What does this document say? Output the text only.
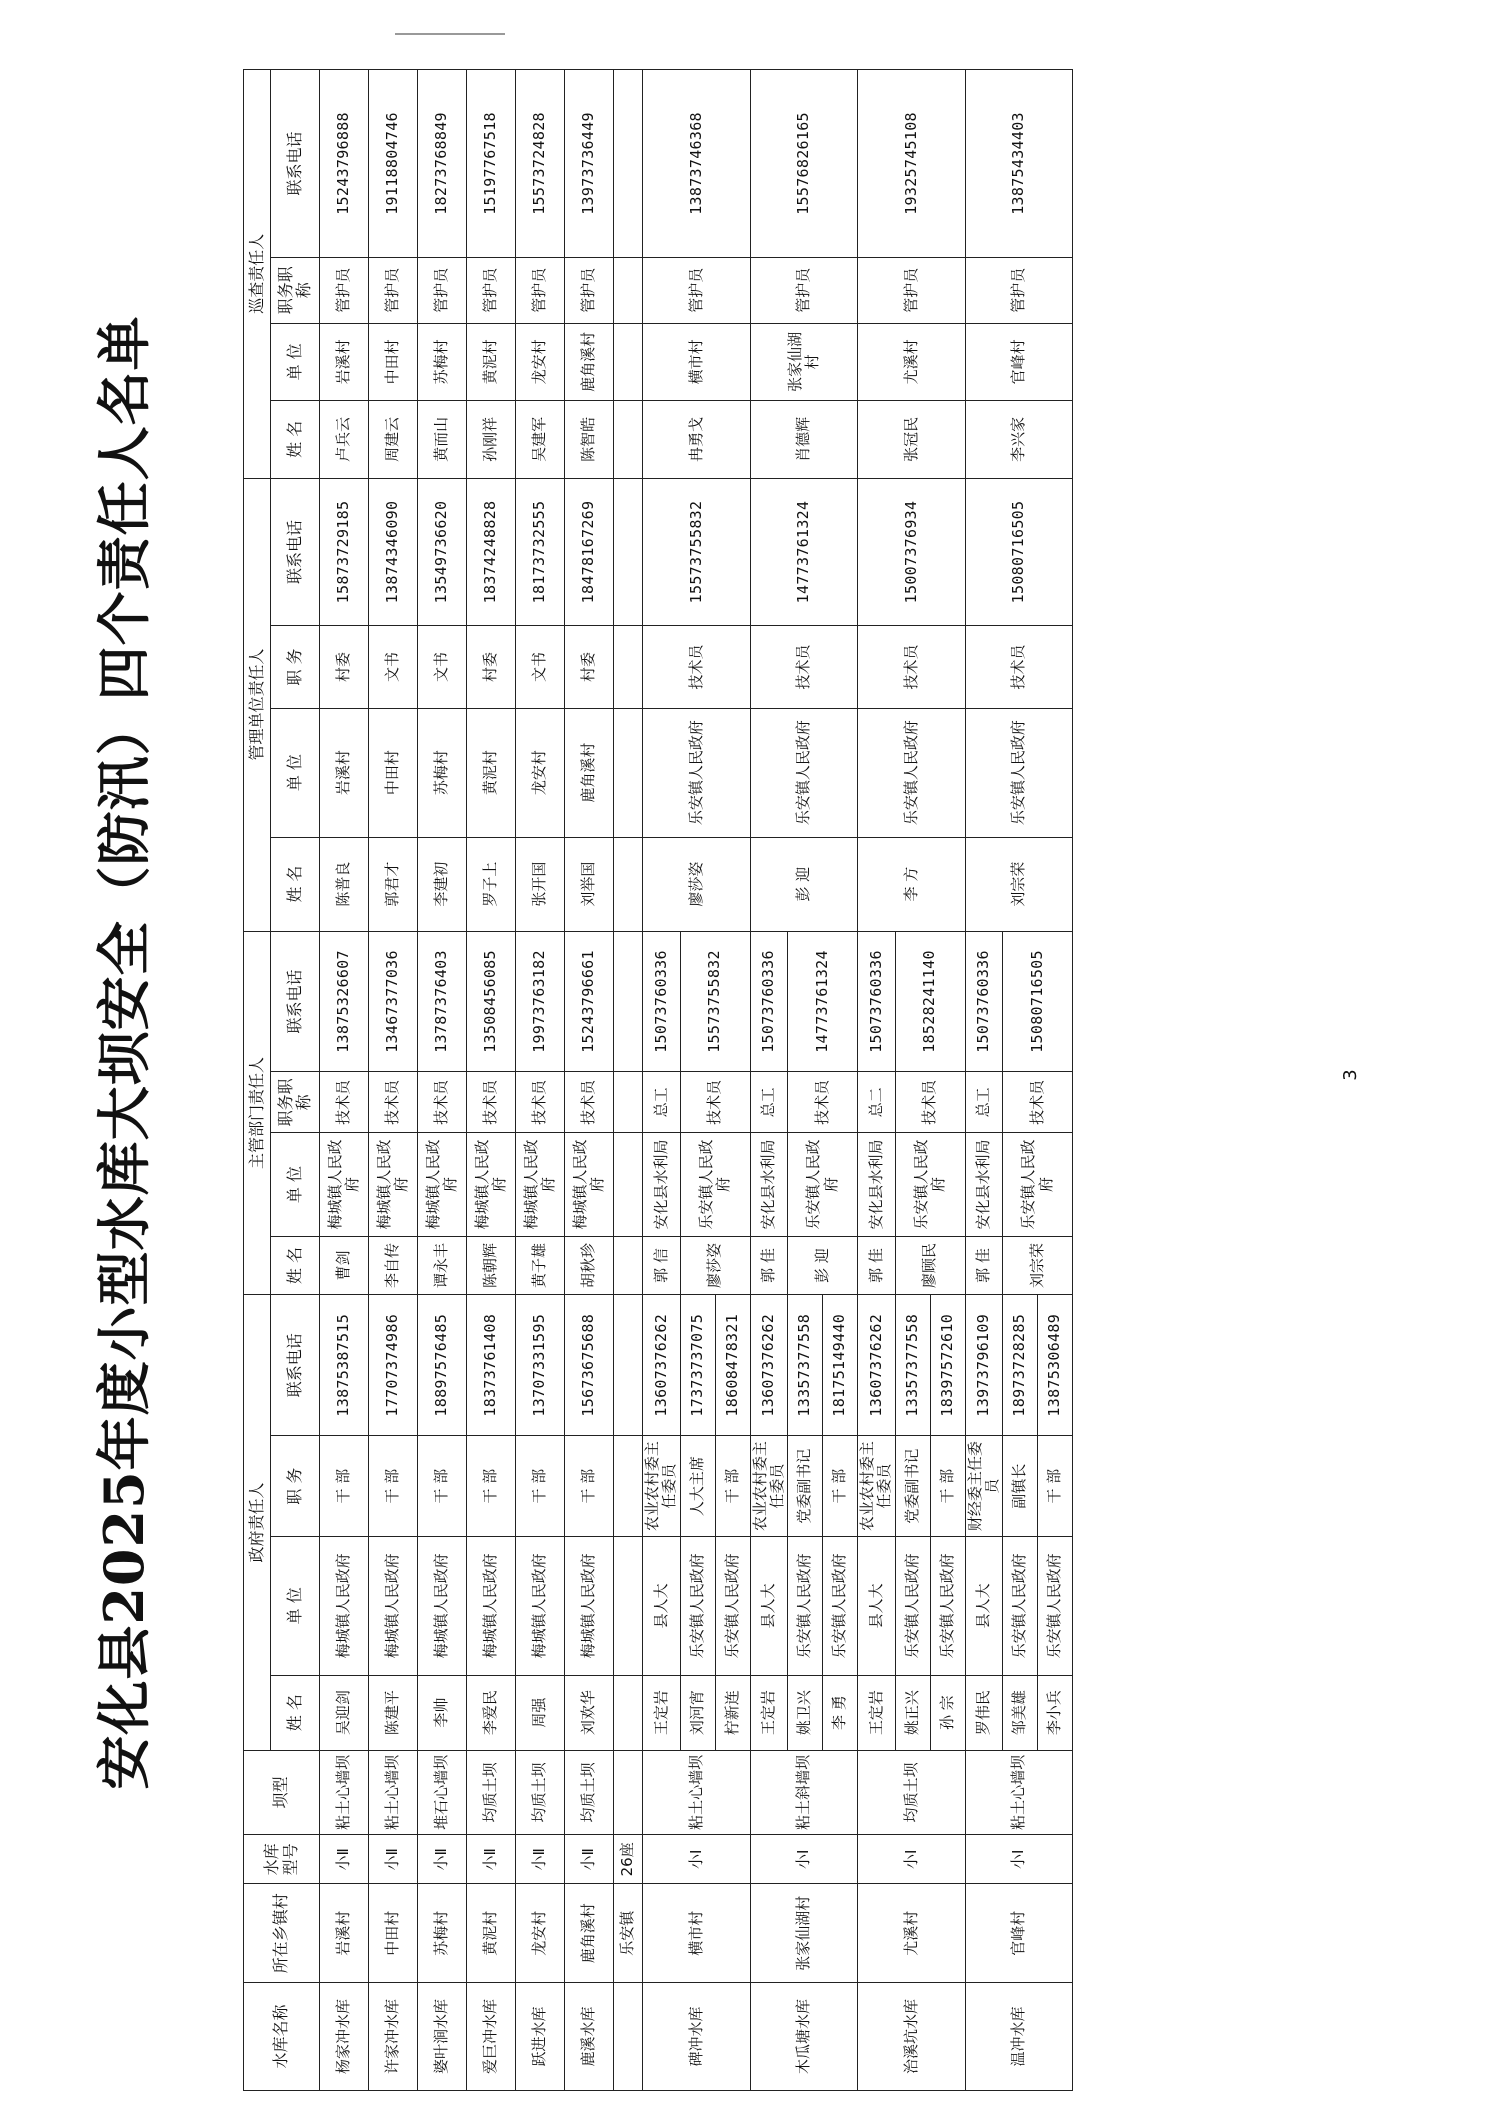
安化县2025年度小型水库大坝安全（防汛）四个责任人名单
水库名称	所在乡镇村	水库型号	坝型	政府责任人				主管部门责任人				管理单位责任人				巡查责任人			
				姓 名	单 位	职 务	联系电话	姓 名	单 位	职务职称	联系电话	姓 名	单 位	职 务	联系电话	姓 名	单 位	职务职称	联系电话
杨家冲水库	岩溪村	小Ⅱ	粘土心墙坝	吴迎剑	梅城镇人民政府	干 部	13875387515	曹剑	梅城镇人民政府	技术员	13875326607	陈普良	岩溪村	村委	15873729185	卢兵云	岩溪村	管护员	15243796888
许家冲水库	中田村	小Ⅱ	粘土心墙坝	陈建平	梅城镇人民政府	干 部	17707374986	李自传	梅城镇人民政府	技术员	13467377036	郭君才	中田村	文书	13874346090	周建云	中田村	管护员	19118804746
婆叶涧水库	苏梅村	小Ⅱ	堆石心墙坝	李帅	梅城镇人民政府	干 部	18897576485	谭永丰	梅城镇人民政府	技术员	13787376403	李建初	苏梅村	文书	13549736620	黄而山	苏梅村	管护员	18273768849
爱巨冲水库	黄泥村	小Ⅱ	均质土坝	李爱民	梅城镇人民政府	干 部	18373761408	陈朝辉	梅城镇人民政府	技术员	13508456085	罗子上	黄泥村	村委	18374248828	孙刚祥	黄泥村	管护员	15197767518
跃进水库	龙安村	小Ⅱ	均质土坝	周强	梅城镇人民政府	干 部	13707331595	黄子雄	梅城镇人民政府	技术员	19973763182	张开国	龙安村	文书	18173732555	吴建军	龙安村	管护员	15573724828
鹿溪水库	鹿角溪村	小Ⅱ	均质土坝	刘欢华	梅城镇人民政府	干 部	15673675688	胡秋珍	梅城镇人民政府	技术员	15243796661	刘举国	鹿角溪村	村委	18478167269	陈智皓	鹿角溪村	管护员	13973736449
	乐安镇	26座																	
碑冲水库	横市村	小Ⅰ	粘土心墙坝	王定岩	县人大	农业农村委主任委员	13607376262	郭 信	安化县水利局	总工	15073760336	廖莎姿	乐安镇人民政府	技术员	15573755832	冉勇戈	横市村	管护员	13873746368

				刘河宵	乐安镇人民政府	人大主席	17373737075	廖莎姿	乐安镇人民政府	技术员	15573755832								

				柠新连	乐安镇人民政府	干 部	18608478321												

木瓜塘水库	张家仙湖村	小Ⅰ	粘土斜墙坝	王定岩	县人大	农业农村委主任委员	13607376262	郭 佳	安化县水利局	总工	15073760336	彭 迎	乐安镇人民政府	技术员	14773761324	肖德辉	张家仙湖村	管护员	15576826165

				姚卫兴	乐安镇人民政府	党委副书记	13357377558	彭 迎	乐安镇人民政府	技术员	14773761324								

				李 勇	乐安镇人民政府	干 部	18175149440												

治溪坑水库	尤溪村	小Ⅰ	均质土坝	王定岩	县人大	农业农村委主任委员	13607376262	郭 佳	安化县水利局	总二	15073760336	李 方	乐安镇人民政府	技术员	15007376934	张冠民	尤溪村	管护员	19325745108

				姚正兴	乐安镇人民政府	党委副书记	13357377558	廖顾民	乐安镇人民政府	技术员	18528241140								

				孙 宗	乐安镇人民政府	干 部	18397572610												

温冲水库	官峰村	小Ⅰ	粘土心墙坝	罗伟民	县人大	财经委主任委员	13973796109	郭 佳	安化县水利局	总工	15073760336	刘宗荣	乐安镇人民政府	技术员	15080716505	李兴家	官峰村	管护员	13875434403

				邹美雄	乐安镇人民政府	副镇长	18973728285	刘宗荣	乐安镇人民政府	技术员	15080716505								

				李小兵	乐安镇人民政府	干 部	13875306489												

3
